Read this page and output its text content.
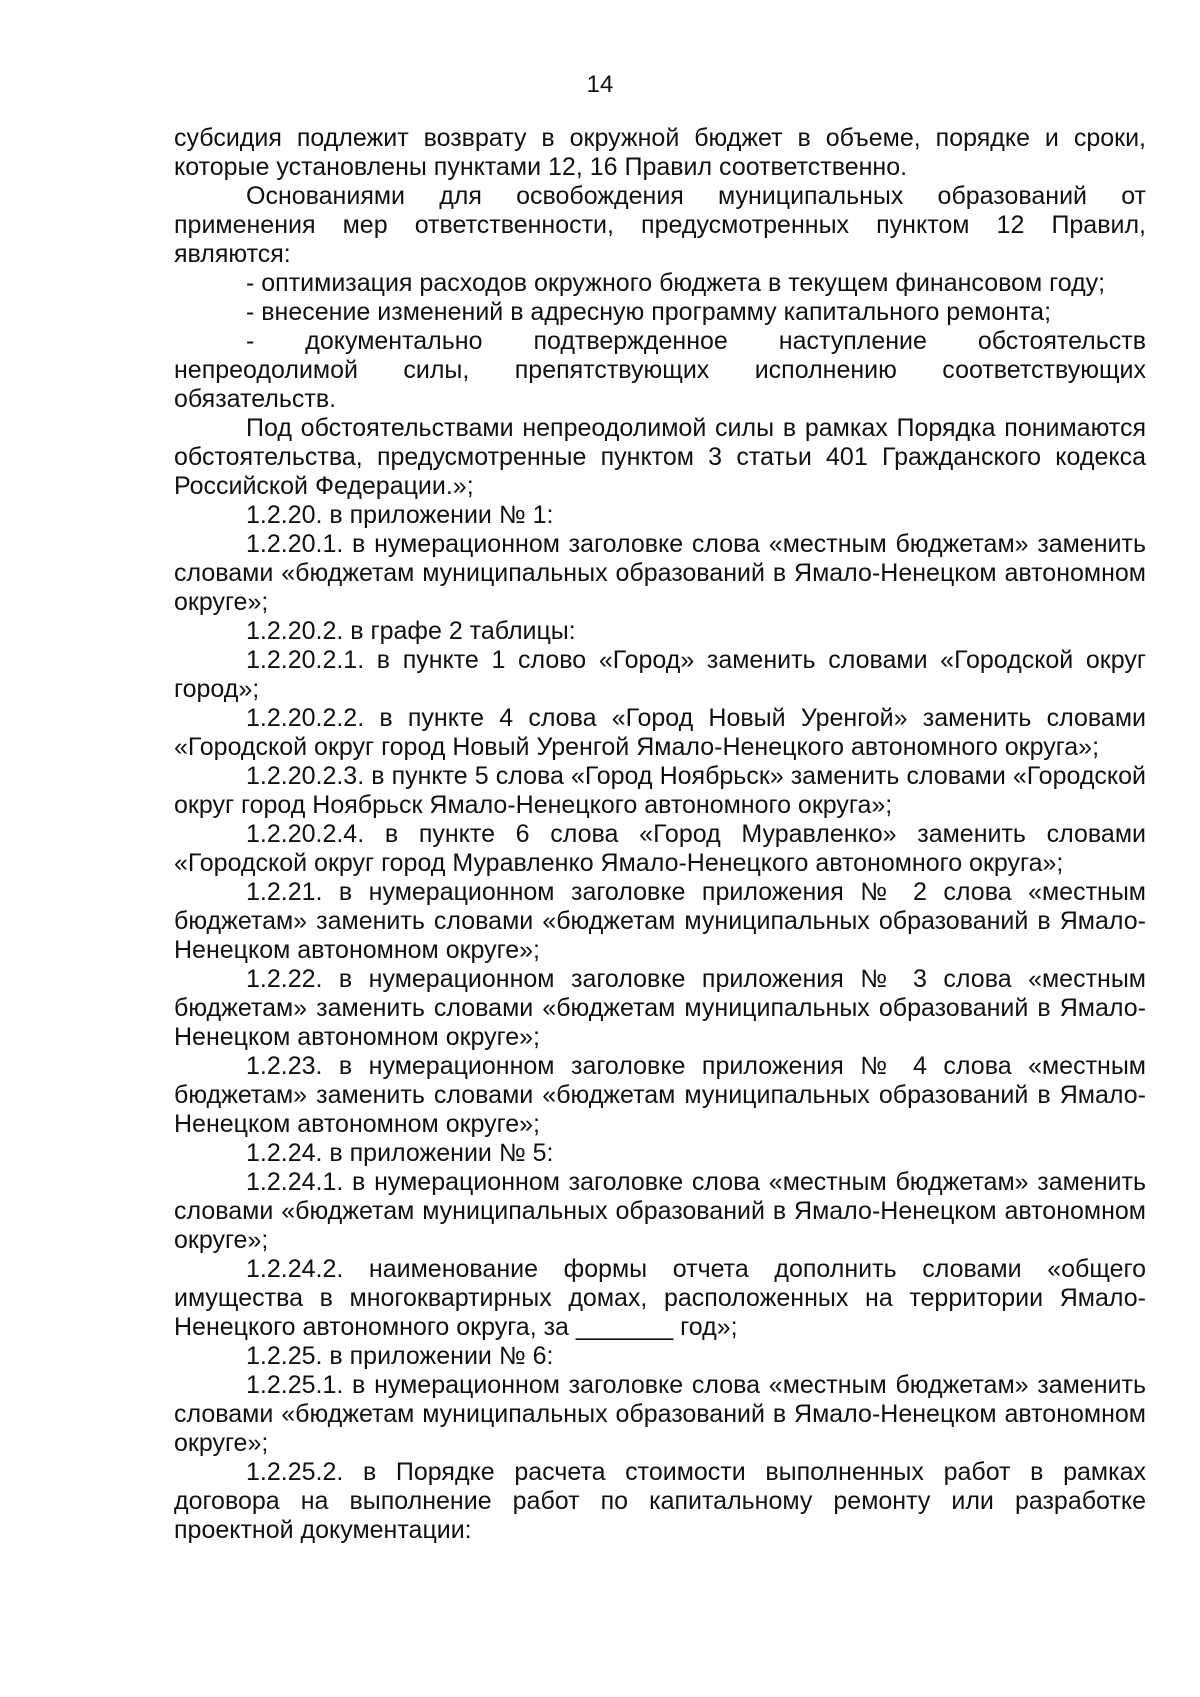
14

субсидия подлежит возврату в окружной бюджет в объеме, порядке и сроки, которые установлены пунктами 12, 16 Правил соответственно.

Основаниями для освобождения муниципальных образований от применения мер ответственности, предусмотренных пунктом 12 Правил, являются:

- оптимизация расходов окружного бюджета в текущем финансовом году;

- внесение изменений в адресную программу капитального ремонта;

- документально подтвержденное наступление обстоятельств непреодолимой силы, препятствующих исполнению соответствующих обязательств.

Под обстоятельствами непреодолимой силы в рамках Порядка понимаются обстоятельства, предусмотренные пунктом 3 статьи 401 Гражданского кодекса Российской Федерации.»;

1.2.20. в приложении № 1:

1.2.20.1. в нумерационном заголовке слова «местным бюджетам» заменить словами «бюджетам муниципальных образований в Ямало-Ненецком автономном округе»;

1.2.20.2. в графе 2 таблицы:

1.2.20.2.1. в пункте 1 слово «Город» заменить словами «Городской округ город»;

1.2.20.2.2. в пункте 4 слова «Город Новый Уренгой» заменить словами «Городской округ город Новый Уренгой Ямало-Ненецкого автономного округа»;

1.2.20.2.3. в пункте 5 слова «Город Ноябрьск» заменить словами «Городской округ город Ноябрьск Ямало-Ненецкого автономного округа»;

1.2.20.2.4. в пункте 6 слова «Город Муравленко» заменить словами «Городской округ город Муравленко Ямало-Ненецкого автономного округа»;

1.2.21. в нумерационном заголовке приложения № 2 слова «местным бюджетам» заменить словами «бюджетам муниципальных образований в Ямало-Ненецком автономном округе»;

1.2.22. в нумерационном заголовке приложения № 3 слова «местным бюджетам» заменить словами «бюджетам муниципальных образований в Ямало-Ненецком автономном округе»;

1.2.23. в нумерационном заголовке приложения № 4 слова «местным бюджетам» заменить словами «бюджетам муниципальных образований в Ямало-Ненецком автономном округе»;

1.2.24. в приложении № 5:

1.2.24.1. в нумерационном заголовке слова «местным бюджетам» заменить словами «бюджетам муниципальных образований в Ямало-Ненецком автономном округе»;

1.2.24.2. наименование формы отчета дополнить словами «общего имущества в многоквартирных домах, расположенных на территории Ямало-Ненецкого автономного округа, за _______ год»;

1.2.25. в приложении № 6:

1.2.25.1. в нумерационном заголовке слова «местным бюджетам» заменить словами «бюджетам муниципальных образований в Ямало-Ненецком автономном округе»;

1.2.25.2. в Порядке расчета стоимости выполненных работ в рамках договора на выполнение работ по капитальному ремонту или разработке проектной документации:
